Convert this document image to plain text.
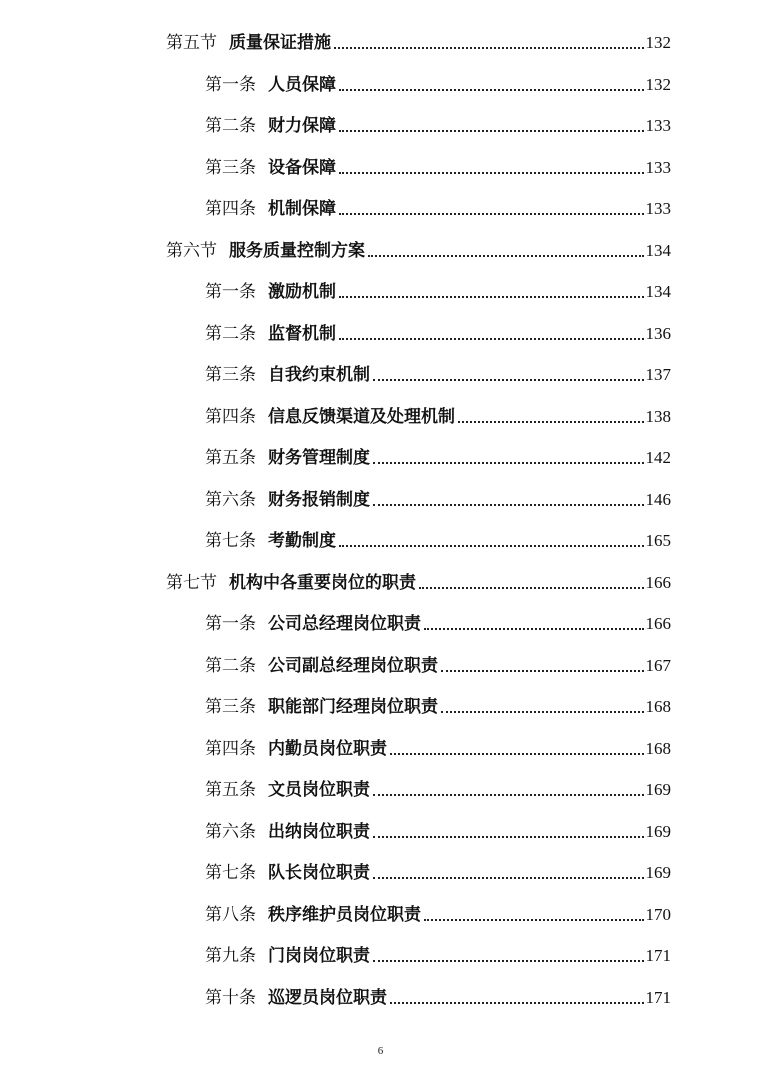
第五节 质量保证措施	132
第一条 人员保障	132
第二条 财力保障	133
第三条 设备保障	133
第四条 机制保障	133
第六节 服务质量控制方案	134
第一条 激励机制	134
第二条 监督机制	136
第三条 自我约束机制	137
第四条 信息反馈渠道及处理机制	138
第五条 财务管理制度	142
第六条 财务报销制度	146
第七条 考勤制度	165
第七节 机构中各重要岗位的职责	166
第一条 公司总经理岗位职责	166
第二条 公司副总经理岗位职责	167
第三条 职能部门经理岗位职责	168
第四条 内勤员岗位职责	168
第五条 文员岗位职责	169
第六条 出纳岗位职责	169
第七条 队长岗位职责	169
第八条 秩序维护员岗位职责	170
第九条 门岗岗位职责	171
第十条 巡逻员岗位职责	171
6
